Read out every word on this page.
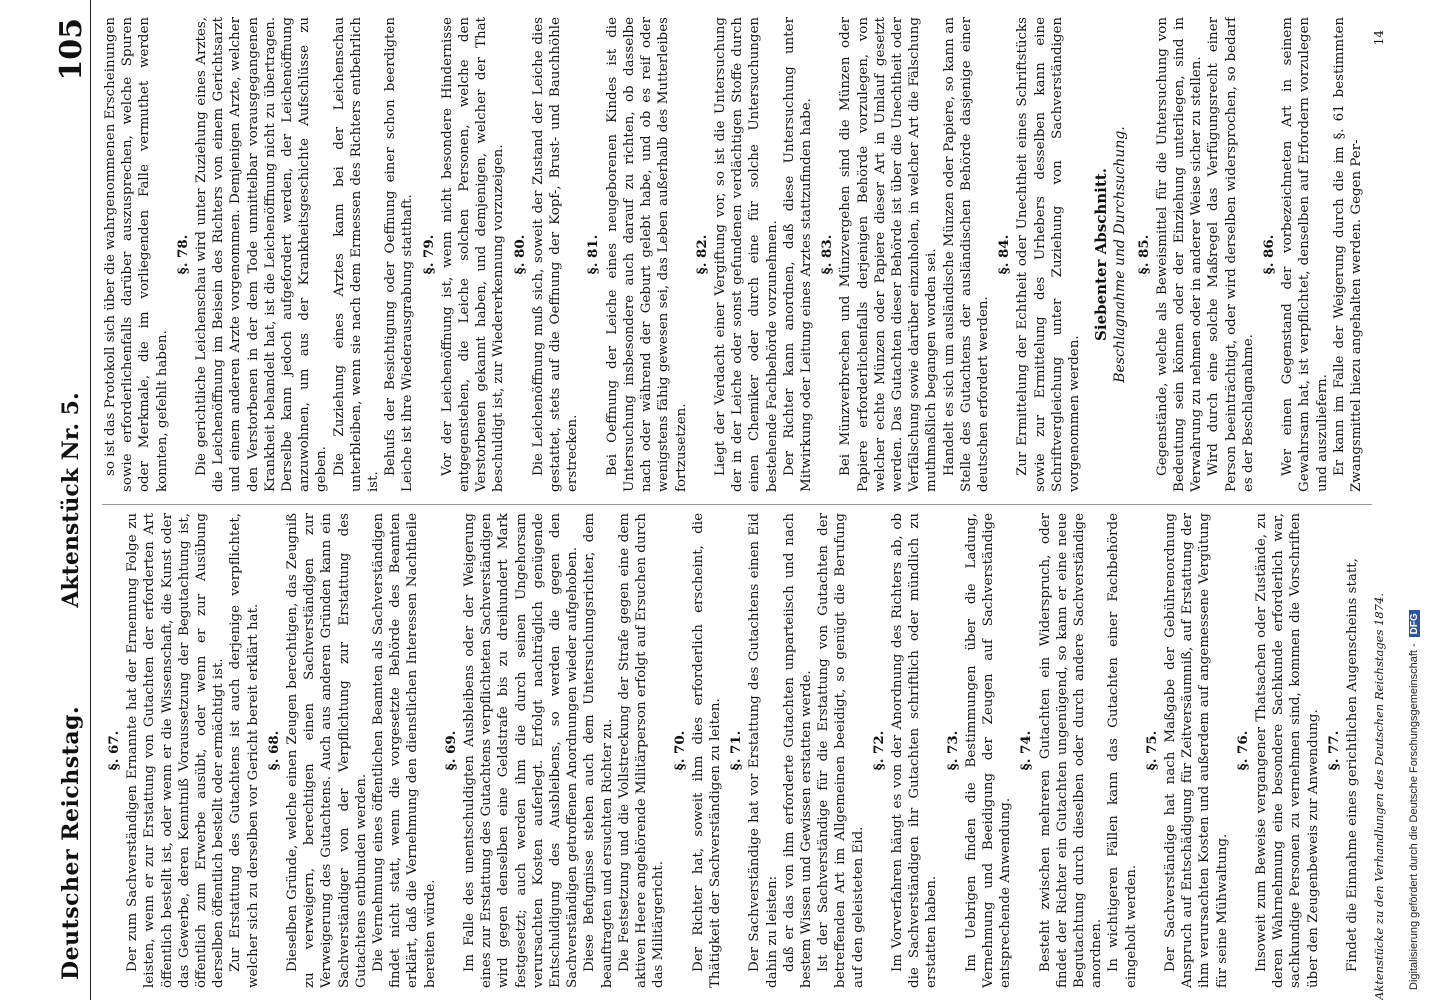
Deutscher Reichstag.
Aktenstück Nr. 5.
105
§. 67. Der zum Sachverständigen Ernannte hat der Ernennung Folge zu leisten, wenn er zur Erstattung von Gutachten der erforderten Art öffentlich bestellt ist, oder wenn er die Wissenschaft, die Kunst oder das Gewerbe, deren Kenntniß Voraussetzung der Begutachtung ist, öffentlich zum Erwerbe ausübt, oder wenn er zur Ausübung derselben öffentlich bestellt oder ermächtigt ist. Zur Erstattung des Gutachtens ist auch derjenige verpflichtet, welcher sich zu derselben vor Gericht bereit erklärt hat. §. 68. Dieselben Gründe, welche einen Zeugen berechtigen, das Zeugniß zu verweigern, berechtigen einen Sachverständigen zur Verweigerung des Gutachtens. Auch aus anderen Gründen kann ein Sachverständiger von der Verpflichtung zur Erstattung des Gutachtens entbunden werden. Die Vernehmung eines öffentlichen Beamten als Sachverständigen findet nicht statt, wenn die vorgesetzte Behörde des Beamten erklärt, daß die Vernehmung den dienstlichen Interessen Nachtheile bereiten würde.

§. 69. Im Falle des unentschuldigten Ausbleibens oder der Weigerung eines zur Erstattung des Gutachtens verpflichteten Sachverständigen wird gegen denselben eine Geldstrafe bis zu dreihundert Mark festgesetzt; auch werden ihm die durch seinen Ungehorsam verursachten Kosten auferlegt. Erfolgt nachträglich genügende Entschuldigung des Ausbleibens, so werden die gegen den Sachverständigen getroffenen Anordnungen wieder aufgehoben. Diese Befugnisse stehen auch dem Untersuchungsrichter, dem beauftragten und ersuchten Richter zu. Die Festsetzung und die Vollstreckung der Strafe gegen eine dem aktiven Heere angehörende Militärperson erfolgt auf Ersuchen durch das Militärgericht.

§. 70. Der Richter hat, soweit ihm dies erforderlich erscheint, die Thätigkeit der Sachverständigen zu leiten. §. 71. Der Sachverständige hat vor Erstattung des Gutachtens einen Eid dahin zu leisten: daß er das von ihm erforderte Gutachten unparteiisch und nach bestem Wissen und Gewissen erstatten werde. Ist der Sachverständige für die Erstattung von Gutachten der betreffenden Art im Allgemeinen beeidigt, so genügt die Berufung auf den geleisteten Eid.

§. 72. Im Vorverfahren hängt es von der Anordnung des Richters ab, ob die Sachverständigen ihr Gutachten schriftlich oder mündlich zu erstatten haben.

§. 73. Im Uebrigen finden die Bestimmungen über die Ladung, Vernehmung und Beeidigung der Zeugen auf Sachverständige entsprechende Anwendung.

§. 74. Besteht zwischen mehreren Gutachten ein Widerspruch, oder findet der Richter ein Gutachten ungenügend, so kann er eine neue Begutachtung durch dieselben oder durch andere Sachverständige anordnen. In wichtigeren Fällen kann das Gutachten einer Fachbehörde eingeholt werden.

§. 75. Der Sachverständige hat nach Maßgabe der Gebührenordnung Anspruch auf Entschädigung für Zeitversäumniß, auf Erstattung der ihm verursachten Kosten und außerdem auf angemessene Vergütung für seine Mühwaltung.

§. 76. Insoweit zum Beweise vergangener Thatsachen oder Zustände, zu deren Wahrnehmung eine besondere Sachkunde erforderlich war, sachkundige Personen zu vernehmen sind, kommen die Vorschriften über den Zeugenbeweis zur Anwendung. §. 77. Findet die Einnahme eines gerichtlichen Augenscheins statt,

so ist das Protokoll sich über die wahrgenommenen Erscheinungen sowie erforderlichenfalls darüber auszusprechen, welche Spuren oder Merkmale, die im vorliegenden Falle vermuthet werden konnten, gefehlt haben.

§. 78. Die gerichtliche Leichenschau wird unter Zuziehung eines Arztes, die Leichenöffnung im Beisein des Richters von einem Gerichtsarzt und einem anderen Arzte vorgenommen. Demjenigen Arzte, welcher den Verstorbenen in der dem Tode unmittelbar vorausgegangenen Krankheit behandelt hat, ist die Leichenöffnung nicht zu übertragen. Derselbe kann jedoch aufgefordert werden, der Leichenöffnung anzuwohnen, um aus der Krankheitsgeschichte Aufschlüsse zu geben. Die Zuziehung eines Arztes kann bei der Leichenschau unterbleiben, wenn sie nach dem Ermessen des Richters entbehrlich ist.

Behufs der Besichtigung oder Oeffnung einer schon beerdigten Leiche ist ihre Wiederausgrabung statthaft. §. 79. Vor der Leichenöffnung ist, wenn nicht besondere Hindernisse entgegenstehen, die Leiche solchen Personen, welche den Verstorbenen gekannt haben, und demjenigen, welcher der That beschuldigt ist, zur Wiedererkennung vorzuzeigen. §. 80. Die Leichenöffnung muß sich, soweit der Zustand der Leiche dies gestattet, stets auf die Oeffnung der Kopf-, Brust- und Bauchhöhle erstrecken.

§. 81. Bei Oeffnung der Leiche eines neugeborenen Kindes ist die Untersuchung insbesondere auch darauf zu richten, ob dasselbe nach oder während der Geburt gelebt habe, und ob es reif oder wenigstens fähig gewesen sei, das Leben außerhalb des Mutterleibes fortzusetzen.

§. 82. Liegt der Verdacht einer Vergiftung vor, so ist die Untersuchung der in der Leiche oder sonst gefundenen verdächtigen Stoffe durch einen Chemiker oder durch eine für solche Untersuchungen bestehende Fachbehörde vorzunehmen. Der Richter kann anordnen, daß diese Untersuchung unter Mitwirkung oder Leitung eines Arztes stattzufinden habe. §. 83. Bei Münzverbrechen und Münzvergehen sind die Münzen oder Papiere erforderlichenfalls derjenigen Behörde vorzulegen, von welcher echte Münzen oder Papiere dieser Art in Umlauf gesetzt werden. Das Gutachten dieser Behörde ist über die Unechtheit oder Verfälschung sowie darüber einzuholen, in welcher Art die Fälschung muthmaßlich begangen worden sei. Handelt es sich um ausländische Münzen oder Papiere, so kann an Stelle des Gutachtens der ausländischen Behörde dasjenige einer deutschen erfordert werden.

§. 84. Zur Ermittelung der Echtheit oder Unechtheit eines Schriftstücks sowie zur Ermittelung des Urhebers desselben kann eine Schriftvergleichung unter Zuziehung von Sachverständigen vorgenommen werden.

Siebenter Abschnitt. Beschlagnahme und Durchsuchung. §. 85. Gegenstände, welche als Beweismittel für die Untersuchung von Bedeutung sein können oder der Einziehung unterliegen, sind in Verwahrung zu nehmen oder in anderer Weise sicher zu stellen. Wird durch eine solche Maßregel das Verfügungsrecht einer Person beeinträchtigt, oder wird derselben widersprochen, so bedarf es der Beschlagnahme.

§. 86. Wer einen Gegenstand der vorbezeichneten Art in seinem Gewahrsam hat, ist verpflichtet, denselben auf Erfordern vorzulegen und auszuliefern. Er kann im Falle der Weigerung durch die im §. 61 bestimmten Zwangsmittel hiezu angehalten werden. Gegen Per-

Aktenstücke zu den Verhandlungen des Deutschen Reichstages 1874.
14
Digitalisierung gefördert durch die Deutsche Forschungsgemeinschaft -DFG
